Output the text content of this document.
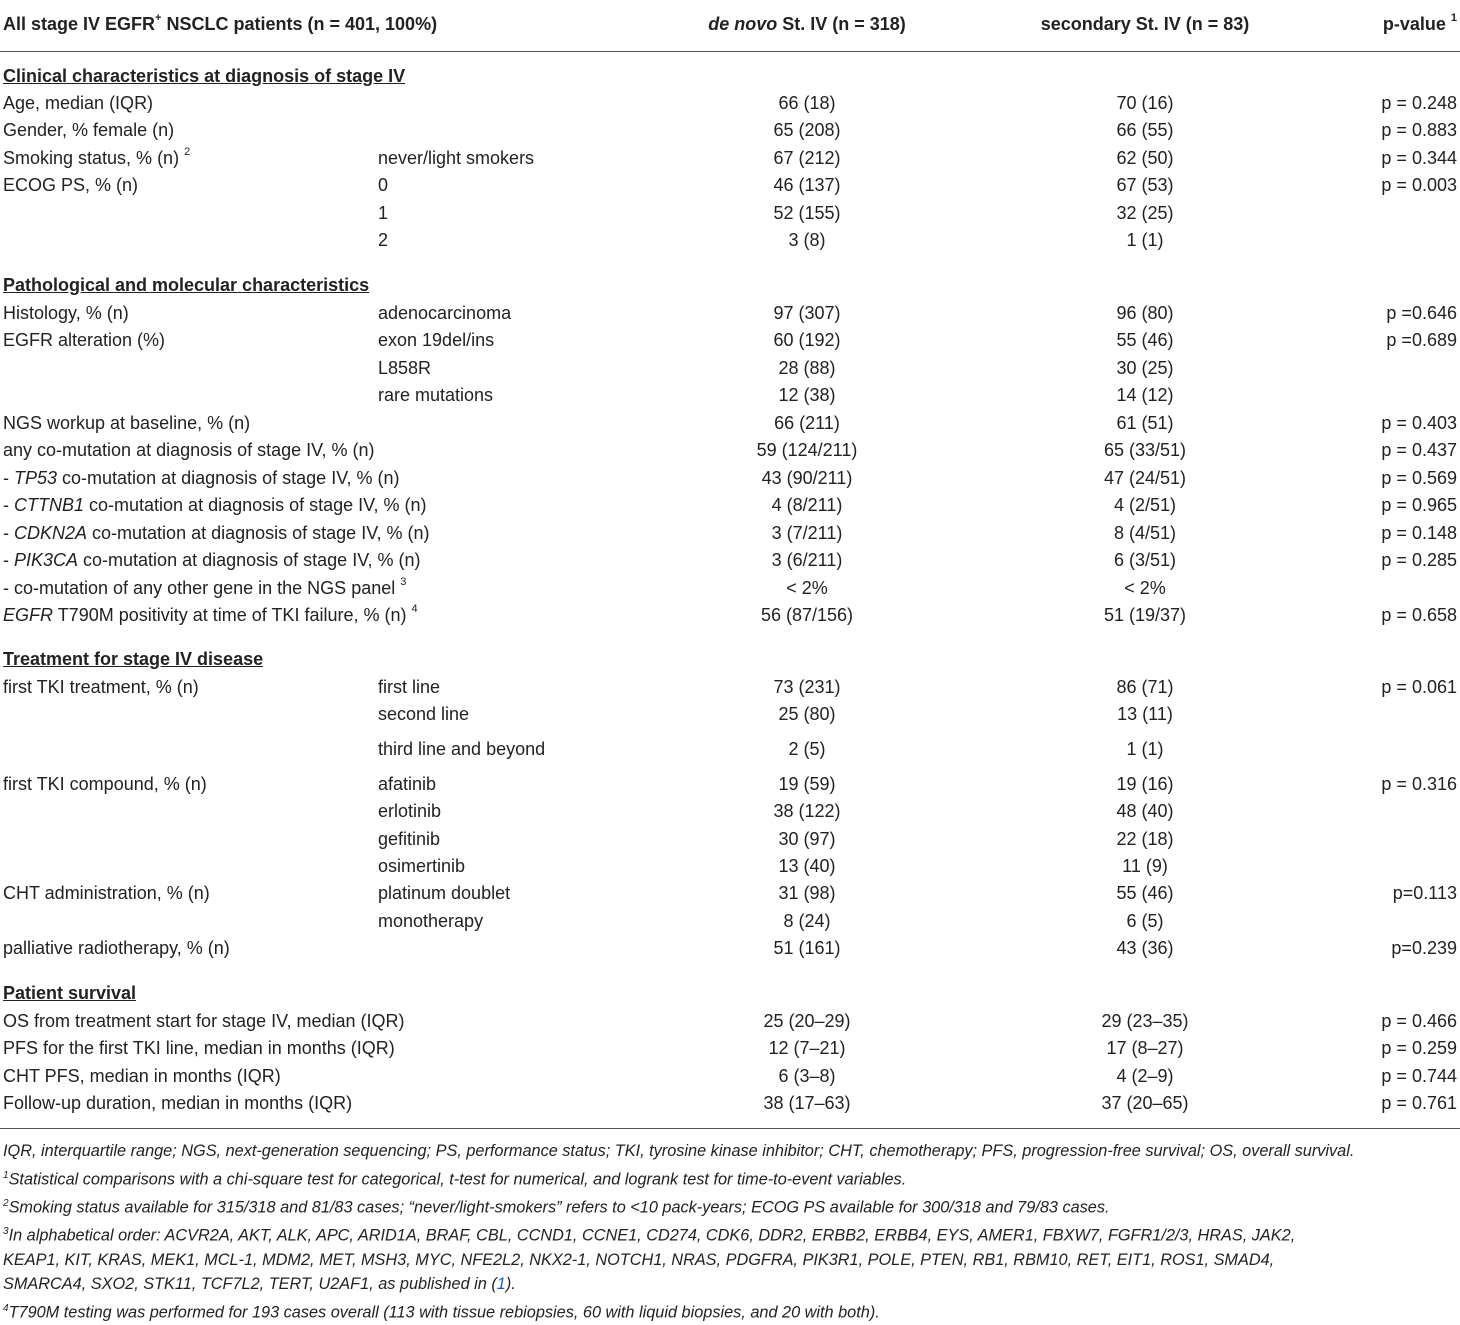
All stage IV EGFR+ NSCLC patients (n = 401, 100%)	de novo St. IV (n = 318)	secondary St. IV (n = 83)	p-value $^1$
Clinical characteristics at diagnosis of stage IV
Age, median (IQR)	66 (18)	70 (16)	p = 0.248
Gender, % female (n)	65 (208)	66 (55)	p = 0.883
Smoking status, % (n) $^2$	never/light smokers	67 (212)	62 (50)	p = 0.344
ECOG PS, % (n)	0	46 (137)	67 (53)	p = 0.003
1	52 (155)	32 (25)
2	3 (8)	1 (1)
Pathological and molecular characteristics
Histology, % (n)	adenocarcinoma	97 (307)	96 (80)	p =0.646
EGFR alteration (%)	exon 19del/ins	60 (192)	55 (46)	p =0.689
L858R	28 (88)	30 (25)
rare mutations	12 (38)	14 (12)
NGS workup at baseline, % (n)	66 (211)	61 (51)	p = 0.403
any co-mutation at diagnosis of stage IV, % (n)	59 (124/211)	65 (33/51)	p = 0.437
- TP53 co-mutation at diagnosis of stage IV, % (n)	43 (90/211)	47 (24/51)	p = 0.569
- CTTNB1 co-mutation at diagnosis of stage IV, % (n)	4 (8/211)	4 (2/51)	p = 0.965
- CDKN2A co-mutation at diagnosis of stage IV, % (n)	3 (7/211)	8 (4/51)	p = 0.148
- PIK3CA co-mutation at diagnosis of stage IV, % (n)	3 (6/211)	6 (3/51)	p = 0.285
- co-mutation of any other gene in the NGS panel $^3$	< 2%	< 2%
EGFR T790M positivity at time of TKI failure, % (n) $^4$	56 (87/156)	51 (19/37)	p = 0.658
Treatment for stage IV disease
first TKI treatment, % (n)	first line	73 (231)	86 (71)	p = 0.061
second line	25 (80)	13 (11)
third line and beyond	2 (5)	1 (1)
first TKI compound, % (n)	afatinib	19 (59)	19 (16)	p = 0.316
erlotinib	38 (122)	48 (40)
gefitinib	30 (97)	22 (18)
osimertinib	13 (40)	11 (9)
CHT administration, % (n)	platinum doublet	31 (98)	55 (46)	p=0.113
monotherapy	8 (24)	6 (5)
palliative radiotherapy, % (n)	51 (161)	43 (36)	p=0.239
Patient survival
OS from treatment start for stage IV, median (IQR)	25 (20–29)	29 (23–35)	p = 0.466
PFS for the first TKI line, median in months (IQR)	12 (7–21)	17 (8–27)	p = 0.259
CHT PFS, median in months (IQR)	6 (3–8)	4 (2–9)	p = 0.744
Follow-up duration, median in months (IQR)	38 (17–63)	37 (20–65)	p = 0.761
IQR, interquartile range; NGS, next-generation sequencing; PS, performance status; TKI, tyrosine kinase inhibitor; CHT, chemotherapy; PFS, progression-free survival; OS, overall survival.
$^1$Statistical comparisons with a chi-square test for categorical, t-test for numerical, and logrank test for time-to-event variables.
$^2$Smoking status available for 315/318 and 81/83 cases; “never/light-smokers” refers to <10 pack-years; ECOG PS available for 300/318 and 79/83 cases.
$^3$In alphabetical order: ACVR2A, AKT, ALK, APC, ARID1A, BRAF, CBL, CCND1, CCNE1, CD274, CDK6, DDR2, ERBB2, ERBB4, EYS, AMER1, FBXW7, FGFR1/2/3, HRAS, JAK2,
KEAP1, KIT, KRAS, MEK1, MCL-1, MDM2, MET, MSH3, MYC, NFE2L2, NKX2-1, NOTCH1, NRAS, PDGFRA, PIK3R1, POLE, PTEN, RB1, RBM10, RET, EIT1, ROS1, SMAD4,
SMARCA4, SXO2, STK11, TCF7L2, TERT, U2AF1, as published in (1).
$^4$T790M testing was performed for 193 cases overall (113 with tissue rebiopsies, 60 with liquid biopsies, and 20 with both).
